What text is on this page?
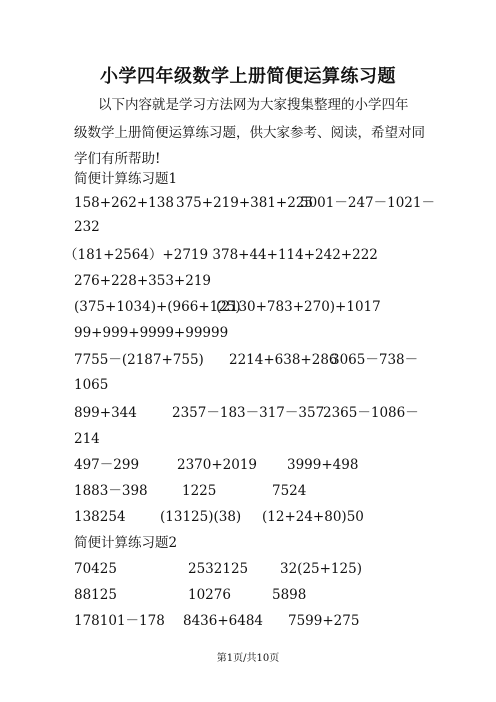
小学四年级数学上册简便运算练习题
以下内容就是学习方法网为大家搜集整理的小学四年
级数学上册简便运算练习题，供大家参考、阅读，希望对同
学们有所帮助!
简便计算练习题1
158+262+138 375+219+381+225
5001－247－1021－
232
（181+2564）+2719 378+44+114+242+222
276+228+353+219
(375+1034)+(966+125)
(2130+783+270)+1017
99+999+9999+99999
7755－(2187+755) 2214+638+286
3065－738－
1065
899+344	2357－183－317－357
2365－1086－
214
497－299	2370+2019 3999+498
1883－398	1225	7524
138254	(13125)(38) (12+24+80)50
简便计算练习题2
70425	2532125 32(25+125)
88125	10276	5898
178101－178 8436+6484 7599+275
第1页/共10页
